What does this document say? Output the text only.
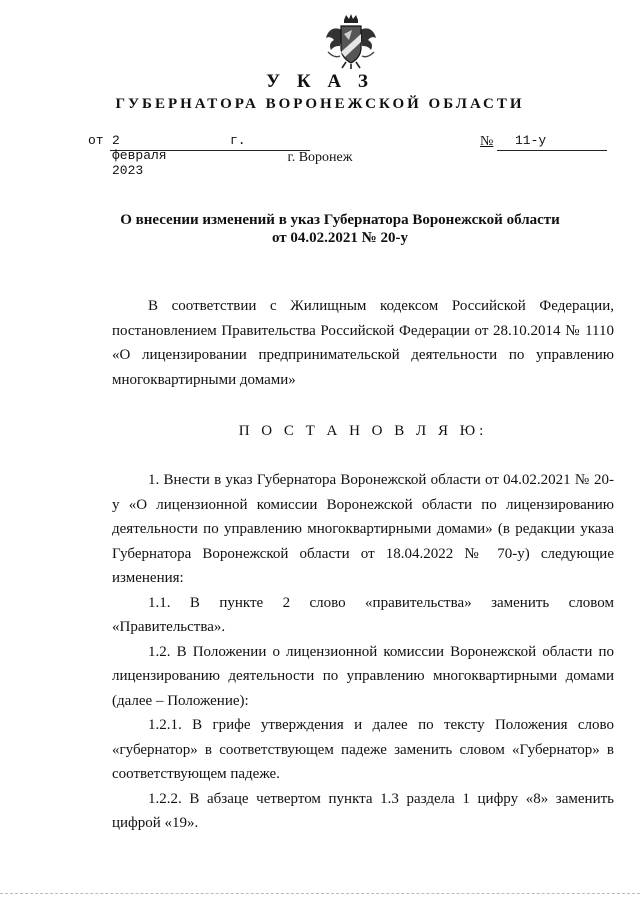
У К А З
ГУБЕРНАТОРА ВОРОНЕЖСКОЙ ОБЛАСТИ
от 2 февраля 2023
г.	№ 11-у
г. Воронеж
О внесении изменений в указ Губернатора Воронежской области
от 04.02.2021 № 20-у

В соответствии с Жилищным кодексом Российской Федерации, постановлением Правительства Российской Федерации от 28.10.2014 № 1110 «О лицензировании предпринимательской деятельности по управлению многоквартирными домами»

П О С Т А Н О В Л Я Ю:

1. Внести в указ Губернатора Воронежской области от 04.02.2021 № 20-у «О лицензионной комиссии Воронежской области по лицензированию деятельности по управлению многоквартирными домами» (в редакции указа Губернатора Воронежской области от 18.04.2022 № 70-у) следующие изменения:

1.1. В пункте 2 слово «правительства» заменить словом «Правительства».

1.2. В Положении о лицензионной комиссии Воронежской области по лицензированию деятельности по управлению многоквартирными домами (далее – Положение):

1.2.1. В грифе утверждения и далее по тексту Положения слово «губернатор» в соответствующем падеже заменить словом «Губернатор» в соответствующем падеже.

1.2.2. В абзаце четвертом пункта 1.3 раздела 1 цифру «8» заменить цифрой «19».
